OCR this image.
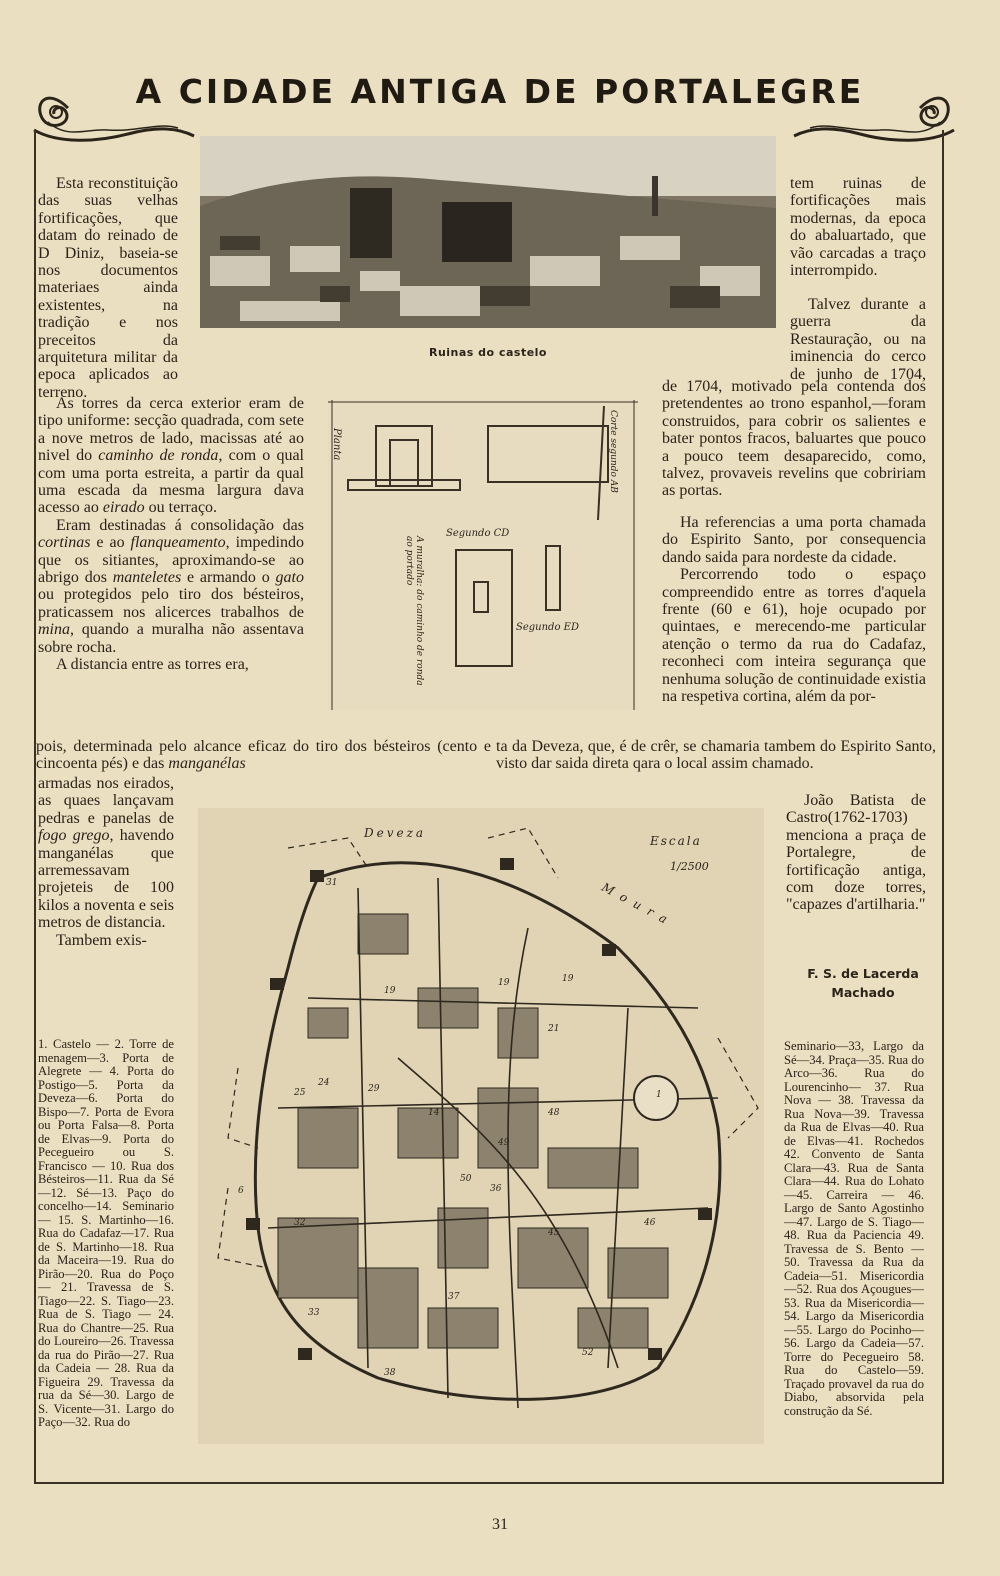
A CIDADE ANTIGA DE PORTALEGRE
Ruinas do castelo

Esta reconstituição das suas velhas fortificações, que datam do reinado de D Diniz, baseia-se nos documentos materiaes ainda existentes, na tradição e nos preceitos da arquitetura militar da epoca aplicados ao terreno.

As torres da cerca exterior eram de tipo uniforme: secção quadrada, com sete a nove metros de lado, macissas até ao nivel do caminho de ronda, com o qual com uma porta estreita, a partir da qual uma escada da mesma largura dava acesso ao eirado ou terraço.

Eram destinadas á consolidação das cortinas e ao flanqueamento, impedindo que os sitiantes, aproximando-se ao abrigo dos manteletes e armando o gato ou protegidos pelo tiro dos bésteiros, praticassem nos alicerces trabalhos de mina, quando a muralha não assentava sobre rocha.

A distancia entre as torres era,

Planta	Corte segundo AB
Segundo CD
Segundo ED
A muralha: do caminho de ronda ao portado

tem ruinas de fortificações mais modernas, da epoca do abaluartado, que vão carcadas a traço interrompido.

Talvez durante a guerra da Restauração, ou na iminencia do cerco de junho de 1704,

de 1704, motivado pela contenda dos pretendentes ao trono espanhol,—foram construidos, para cobrir os salientes e bater pontos fracos, baluartes que pouco a pouco teem desaparecido, como, talvez, provaveis revelins que cobririam as portas.

Ha referencias a uma porta chamada do Espirito Santo, por consequencia dando saida para nordeste da cidade.

Percorrendo todo o espaço compreendido entre as torres d'aquela frente (60 e 61), hoje ocupado por quintaes, e merecendo-me particular atenção o termo da rua do Cadafaz, reconheci com inteira segurança que nenhuma solução de continuidade existia na respetiva cortina, além da por-

pois, determinada pelo alcance eficaz do tiro dos bésteiros (cento e cincoenta pés) e das manganélas
ta da Deveza, que, é de crêr, se chamaria tambem do Espirito Santo, visto dar saida direta qara o local assim chamado.

armadas nos eirados, as quaes lançavam pedras e panelas de fogo grego, havendo manganélas que arremessavam projeteis de 100 kilos a noventa e seis metros de distancia.

Tambem exis-

João Batista de Castro(1762-1703) menciona a praça de Portalegre, de fortificação antiga, com doze torres, "capazes d'artilharia."

F. S. de Lacerda Machado
Deveza
Escala
1/2500
Moura
31
19
19	19
25
24
29
21
14
1
50
49
48
32
33
37
36
38
45
46
52
6
1. Castelo — 2. Torre de menagem—3. Porta de Alegrete — 4. Porta do Postigo—5. Porta da Deveza—6. Porta do Bispo—7. Porta de Evora ou Porta Falsa—8. Porta de Elvas—9. Porta do Pecegueiro ou S. Francisco — 10. Rua dos Bésteiros—11. Rua da Sé—12. Sé—13. Paço do concelho—14. Seminario — 15. S. Martinho—16. Rua do Cadafaz—17. Rua de S. Martinho—18. Rua da Maceira—19. Rua do Pirão—20. Rua do Poço — 21. Travessa de S. Tiago—22. S. Tiago—23. Rua de S. Tiago — 24. Rua do Chantre—25. Rua do Loureiro—26. Travessa da rua do Pirão—27. Rua da Cadeia — 28. Rua da Figueira 29. Travessa da rua da Sé—30. Largo de S. Vicente—31. Largo do Paço—32. Rua do
Seminario—33, Largo da Sé—34. Praça—35. Rua do Arco—36. Rua do Lourencinho— 37. Rua Nova — 38. Travessa da Rua Nova—39. Travessa da Rua de Elvas—40. Rua de Elvas—41. Rochedos 42. Convento de Santa Clara—43. Rua de Santa Clara—44. Rua do Lohato—45. Carreira — 46. Largo de Santo Agostinho—47. Largo de S. Tiago—48. Rua da Paciencia 49. Travessa de S. Bento — 50. Travessa da Rua da Cadeia—51. Misericordia—52. Rua dos Açougues—53. Rua da Misericordia—54. Largo da Misericordia—55. Largo do Pocinho—56. Largo da Cadeia—57. Torre do Pecegueiro 58. Rua do Castelo—59. Traçado provavel da rua do Diabo, absorvida pela construção da Sé.
31
